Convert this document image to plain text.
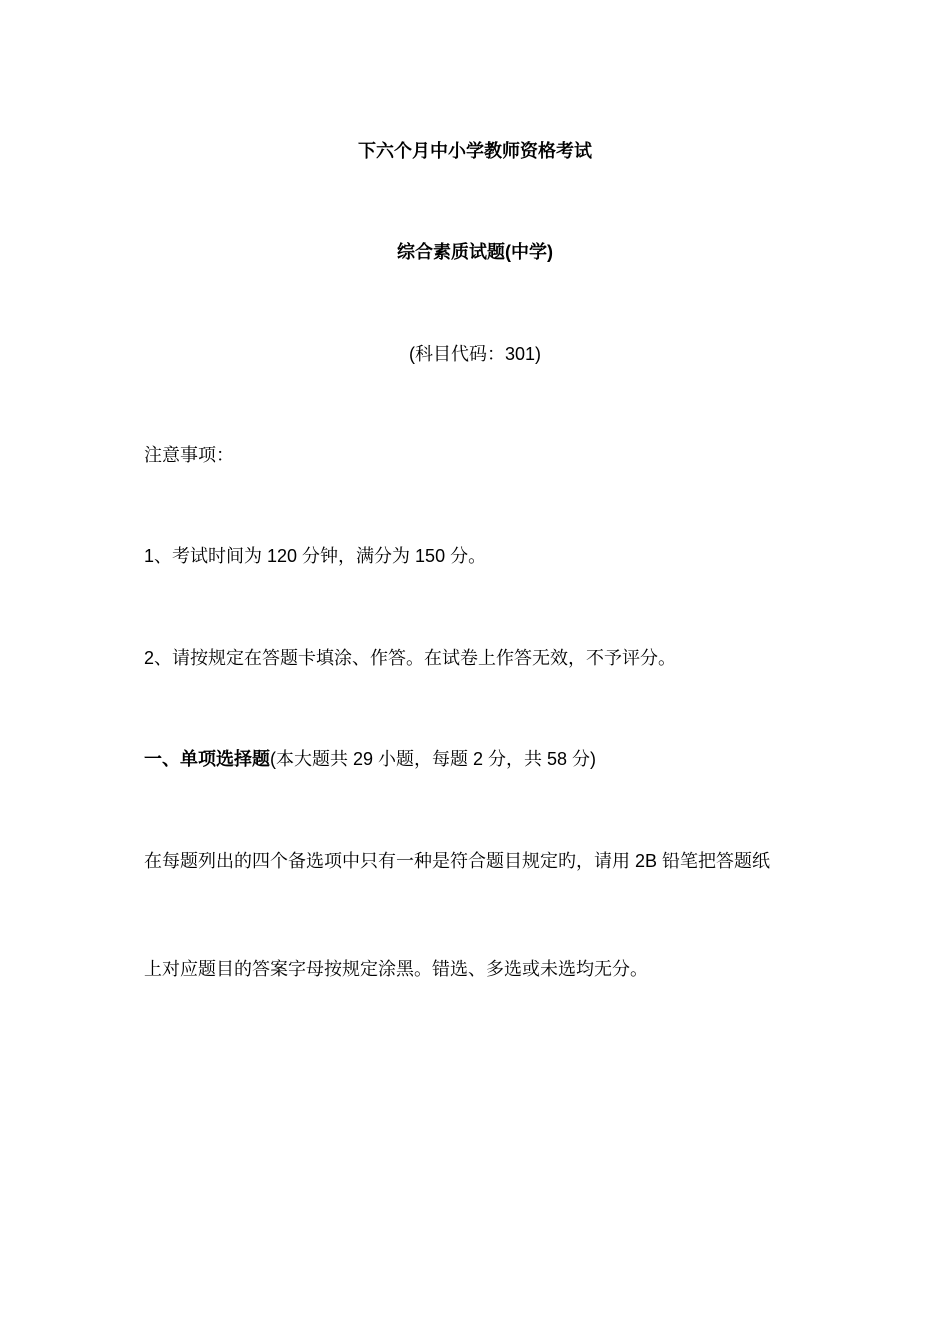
下六个月中小学教师资格考试
综合素质试题(中学)
(科目代码：301)
注意事项：
1、考试时间为 120 分钟，满分为 150 分。
2、请按规定在答题卡填涂、作答。在试卷上作答无效，不予评分。
一、单项选择题(本大题共 29 小题，每题 2 分，共 58 分)
在每题列出的四个备选项中只有一种是符合题目规定旳，请用 2B 铅笔把答题纸
上对应题目的答案字母按规定涂黑。错选、多选或未选均无分。
